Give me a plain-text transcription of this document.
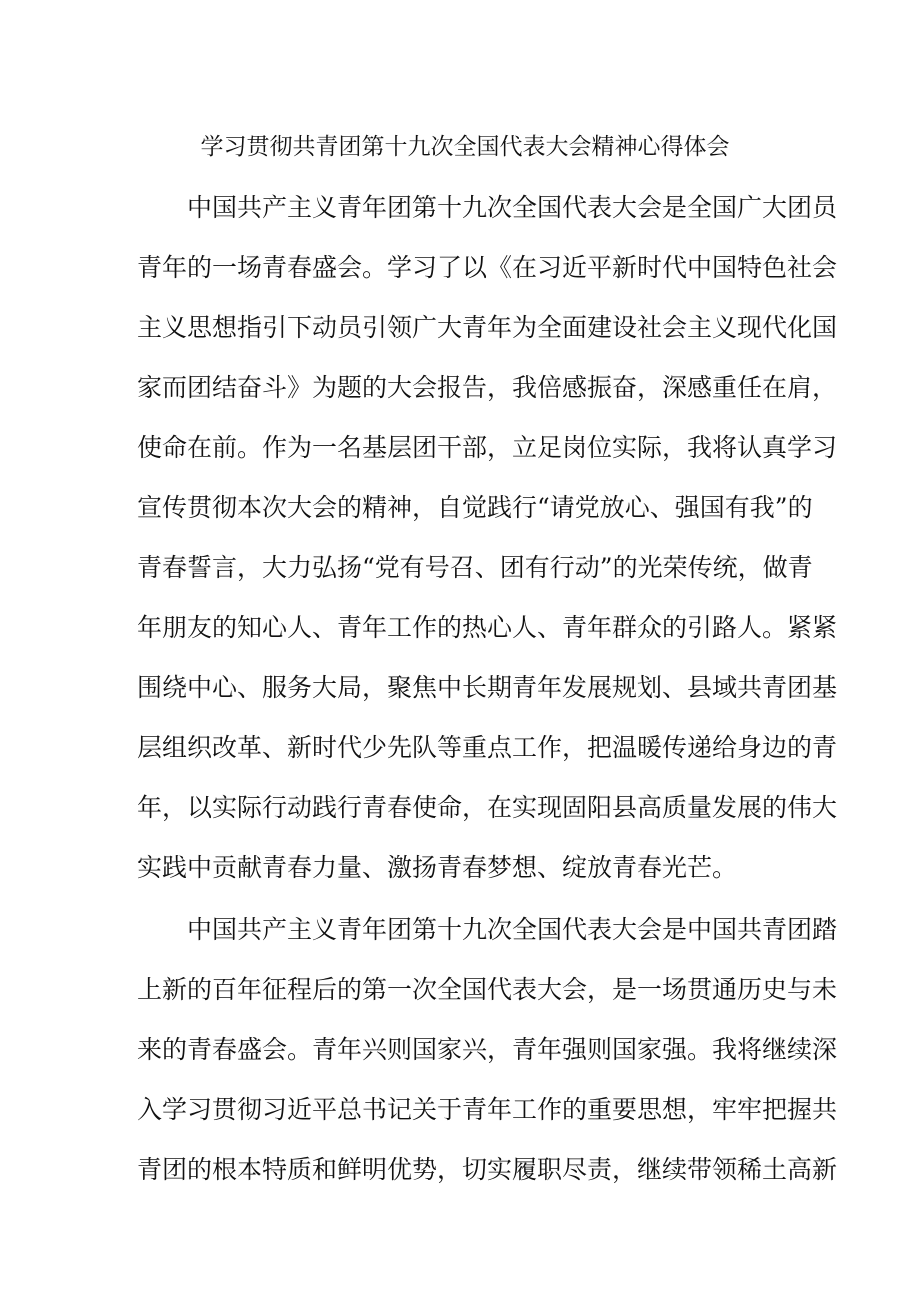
学习贯彻共青团第十九次全国代表大会精神心得体会
中国共产主义青年团第十九次全国代表大会是全国广大团员
青年的一场青春盛会。学习了以《在习近平新时代中国特色社会
主义思想指引下动员引领广大青年为全面建设社会主义现代化国
家而团结奋斗》为题的大会报告，我倍感振奋，深感重任在肩，
使命在前。作为一名基层团干部，立足岗位实际，我将认真学习
宣传贯彻本次大会的精神，自觉践行“请党放心、强国有我”的
青春誓言，大力弘扬“党有号召、团有行动”的光荣传统，做青
年朋友的知心人、青年工作的热心人、青年群众的引路人。紧紧
围绕中心、服务大局，聚焦中长期青年发展规划、县域共青团基
层组织改革、新时代少先队等重点工作，把温暖传递给身边的青
年，以实际行动践行青春使命，在实现固阳县高质量发展的伟大
实践中贡献青春力量、激扬青春梦想、绽放青春光芒。
中国共产主义青年团第十九次全国代表大会是中国共青团踏
上新的百年征程后的第一次全国代表大会，是一场贯通历史与未
来的青春盛会。青年兴则国家兴，青年强则国家强。我将继续深
入学习贯彻习近平总书记关于青年工作的重要思想，牢牢把握共
青团的根本特质和鲜明优势，切实履职尽责，继续带领稀土高新
